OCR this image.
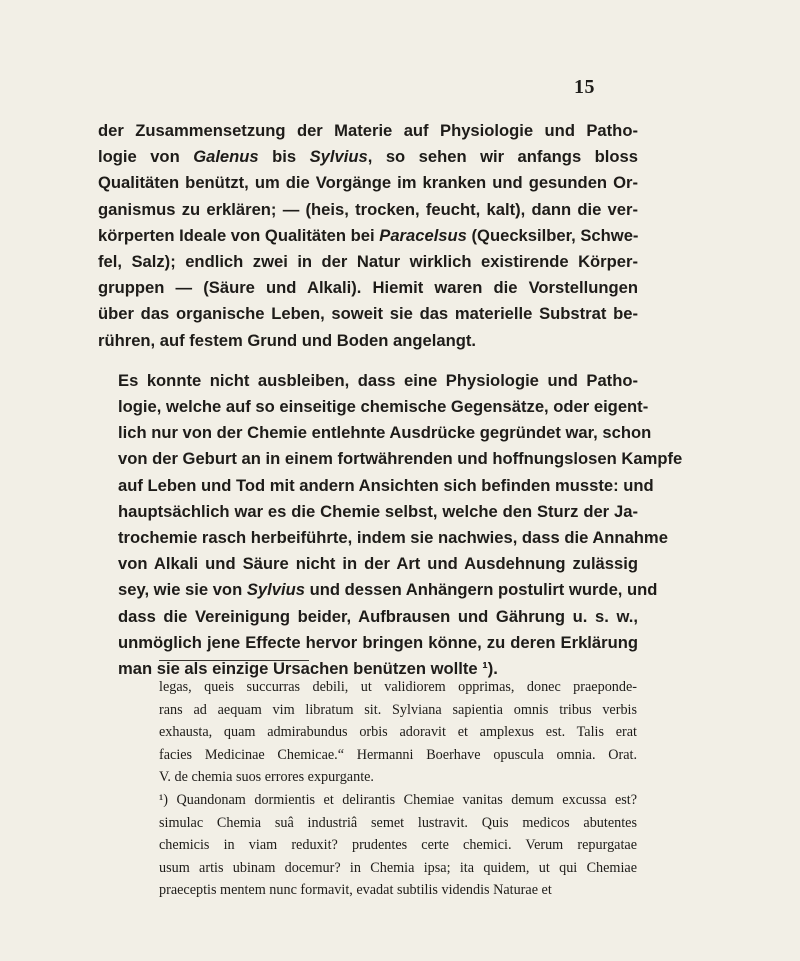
15

der Zusammensetzung der Materie auf Physiologie und Patho-
logie von Galenus bis Sylvius, so sehen wir anfangs bloss
Qualitäten benützt, um die Vorgänge im kranken und gesunden Or-
ganismus zu erklären; — (heis, trocken, feucht, kalt), dann die ver-
körperten Ideale von Qualitäten bei Paracelsus (Quecksilber, Schwe-
fel, Salz); endlich zwei in der Natur wirklich existirende Körper-
gruppen — (Säure und Alkali). Hiemit waren die Vorstellungen
über das organische Leben, soweit sie das materielle Substrat be-
rühren, auf festem Grund und Boden angelangt.

Es konnte nicht ausbleiben, dass eine Physiologie und Patho-
logie, welche auf so einseitige chemische Gegensätze, oder eigent-
lich nur von der Chemie entlehnte Ausdrücke gegründet war, schon
von der Geburt an in einem fortwährenden und hoffnungslosen Kampfe
auf Leben und Tod mit andern Ansichten sich befinden musste: und
hauptsächlich war es die Chemie selbst, welche den Sturz der Ja-
trochemie rasch herbeiführte, indem sie nachwies, dass die Annahme
von Alkali und Säure nicht in der Art und Ausdehnung zulässig
sey, wie sie von Sylvius und dessen Anhängern postulirt wurde, und
dass die Vereinigung beider, Aufbrausen und Gährung u. s. w.,
unmöglich jene Effecte hervor bringen könne, zu deren Erklärung
man sie als einzige Ursachen benützen wollte ¹).

legas, queis succurras debili, ut validiorem opprimas, donec praeponde-
rans ad aequam vim libratum sit. Sylviana sapientia omnis tribus verbis
exhausta, quam admirabundus orbis adoravit et amplexus est. Talis erat
facies Medicinae Chemicae.“ Hermanni Boerhave opuscula omnia. Orat.
V. de chemia suos errores expurgante.
¹) Quandonam dormientis et delirantis Chemiae vanitas demum excussa est?
simulac Chemia suâ industriâ semet lustravit. Quis medicos abutentes
chemicis in viam reduxit? prudentes certe chemici. Verum repurgatae
usum artis ubinam docemur? in Chemia ipsa; ita quidem, ut qui Chemiae
praeceptis mentem nunc formavit, evadat subtilis videndis Naturae et
